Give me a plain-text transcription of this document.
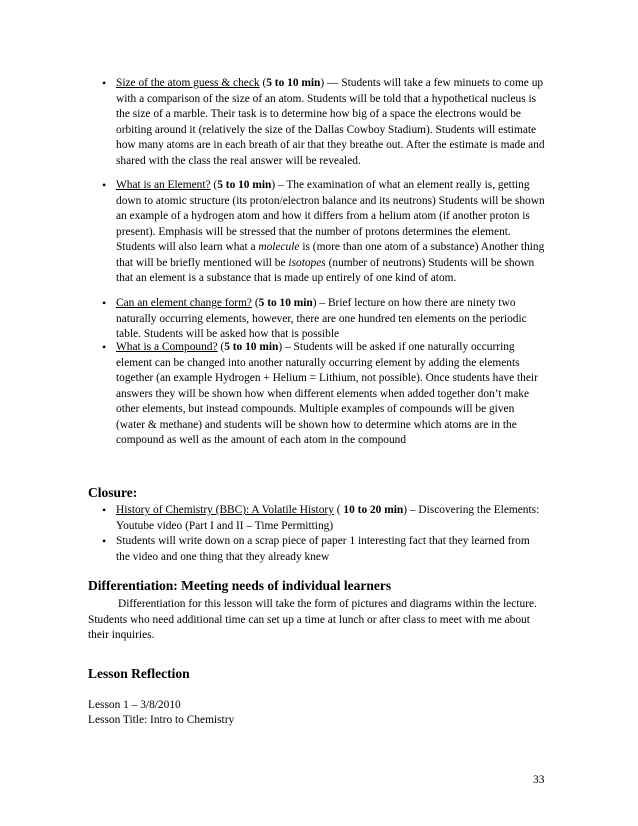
• Size of the atom guess & check (5 to 10 min) — Students will take a few minuets to come up with a comparison of the size of an atom. Students will be told that a hypothetical nucleus is the size of a marble. Their task is to determine how big of a space the electrons would be orbiting around it (relatively the size of the Dallas Cowboy Stadium). Students will estimate how many atoms are in each breath of air that they breathe out. After the estimate is made and shared with the class the real answer will be revealed.

• What is an Element? (5 to 10 min) – The examination of what an element really is, getting down to atomic structure (its proton/electron balance and its neutrons) Students will be shown an example of a hydrogen atom and how it differs from a helium atom (if another proton is present). Emphasis will be stressed that the number of protons determines the element. Students will also learn what a molecule is (more than one atom of a substance) Another thing that will be briefly mentioned will be isotopes (number of neutrons) Students will be shown that an element is a substance that is made up entirely of one kind of atom.

• Can an element change form? (5 to 10 min) – Brief lecture on how there are ninety two naturally occurring elements, however, there are one hundred ten elements on the periodic table. Students will be asked how that is possible

• What is a Compound? (5 to 10 min) – Students will be asked if one naturally occurring element can be changed into another naturally occurring element by adding the elements together (an example Hydrogen + Helium = Lithium, not possible). Once students have their answers they will be shown how when different elements when added together don’t make other elements, but instead compounds. Multiple examples of compounds will be given (water & methane) and students will be shown how to determine which atoms are in the compound as well as the amount of each atom in the compound

Closure:

• History of Chemistry (BBC): A Volatile History ( 10 to 20 min) – Discovering the Elements: Youtube video (Part I and II – Time Permitting)

• Students will write down on a scrap piece of paper 1 interesting fact that they learned from the video and one thing that they already knew

Differentiation: Meeting needs of individual learners

Differentiation for this lesson will take the form of pictures and diagrams within the lecture. Students who need additional time can set up a time at lunch or after class to meet with me about their inquiries.

Lesson Reflection

Lesson 1 – 3/8/2010

Lesson Title: Intro to Chemistry

33
